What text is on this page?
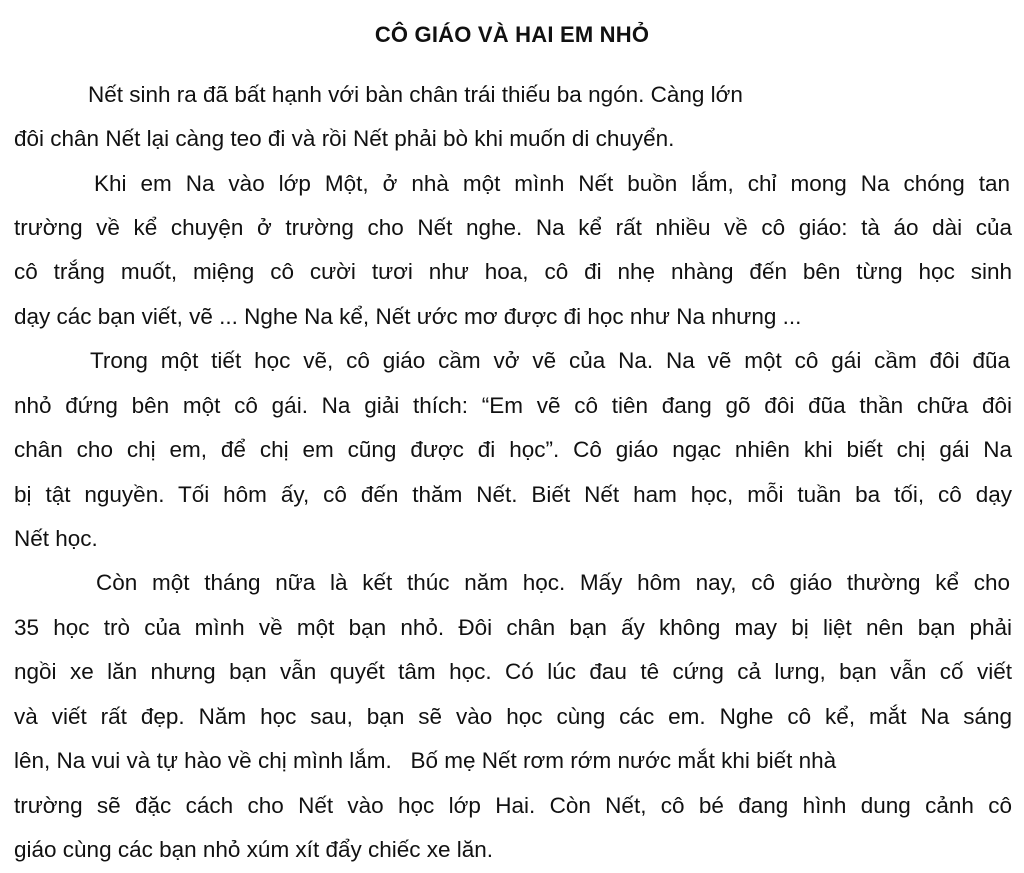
CÔ GIÁO VÀ HAI EM NHỎ
Nết sinh ra đã bất hạnh với bàn chân trái thiếu ba ngón. Càng lớn
đôi chân Nết lại càng teo đi và rồi Nết phải bò khi muốn di chuyển.
Khi em Na vào lớp Một, ở nhà một mình Nết buồn lắm, chỉ mong Na chóng tan
trường về kể chuyện ở trường cho Nết nghe. Na kể rất nhiều về cô giáo: tà áo dài của
cô trắng muốt, miệng cô cười tươi như hoa, cô đi nhẹ nhàng đến bên từng học sinh
dạy các bạn viết, vẽ ... Nghe Na kể, Nết ước mơ được đi học như Na nhưng ...
Trong một tiết học vẽ, cô giáo cầm vở vẽ của Na. Na vẽ một cô gái cầm đôi đũa
nhỏ đứng bên một cô gái. Na giải thích: “Em vẽ cô tiên đang gõ đôi đũa thần chữa đôi
chân cho chị em, để chị em cũng được đi học”. Cô giáo ngạc nhiên khi biết chị gái Na
bị tật nguyền. Tối hôm ấy, cô đến thăm Nết. Biết Nết ham học, mỗi tuần ba tối, cô dạy
Nết học.
Còn một tháng nữa là kết thúc năm học. Mấy hôm nay, cô giáo thường kể cho
35 học trò của mình về một bạn nhỏ. Đôi chân bạn ấy không may bị liệt nên bạn phải
ngồi xe lăn nhưng bạn vẫn quyết tâm học. Có lúc đau tê cứng cả lưng, bạn vẫn cố viết
và viết rất đẹp. Năm học sau, bạn sẽ vào học cùng các em. Nghe cô kể, mắt Na sáng
lên, Na vui và tự hào về chị mình lắm.   Bố mẹ Nết rơm rớm nước mắt khi biết nhà
trường sẽ đặc cách cho Nết vào học lớp Hai. Còn Nết, cô bé đang hình dung cảnh cô
giáo cùng các bạn nhỏ xúm xít đẩy chiếc xe lăn.
